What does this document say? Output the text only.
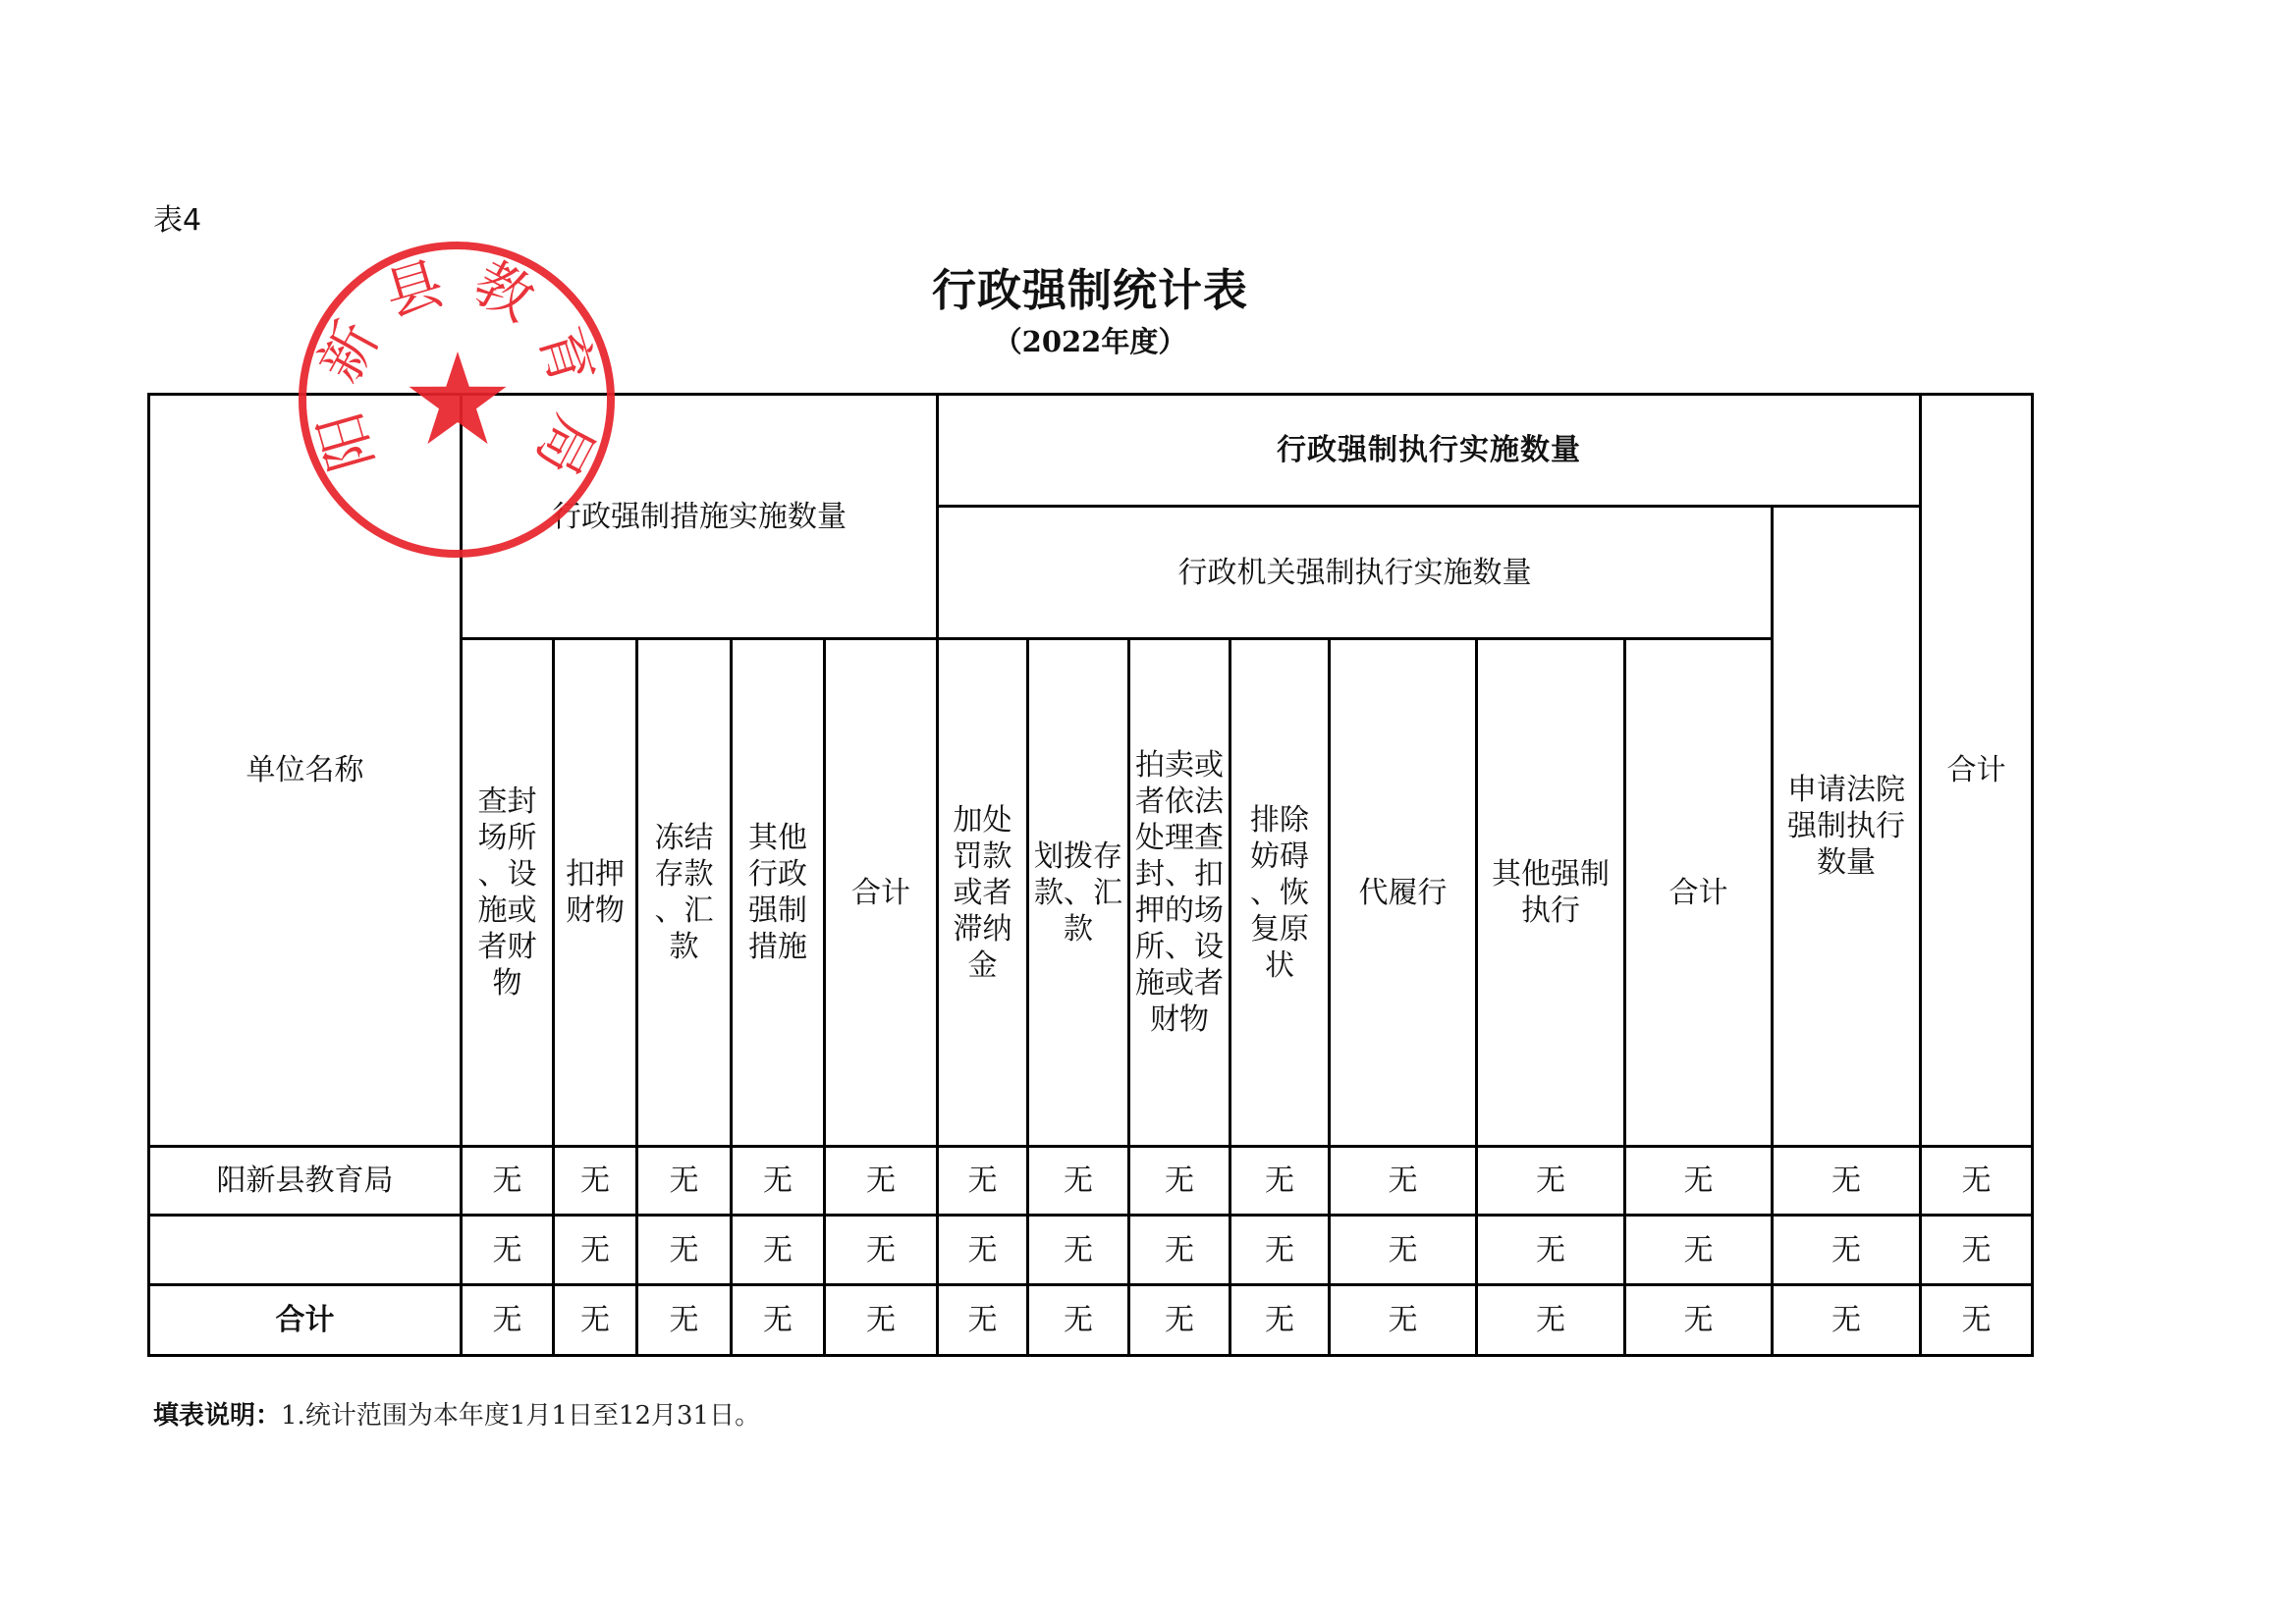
表4
行政强制统计表
（2022年度）
单位名称	行政强制措施实施数量					行政强制执行实施数量								合计
						行政机关强制执行实施数量							申请法院强制执行数量	
	查封场所、设施或者财物	扣押财物	冻结存款、汇款	其他行政强制措施	合计	加处罚款或者滞纳金	划拨存款、汇款	拍卖或者依法处理查封、扣押的场所、设施或者财物	排除妨碍、恢复原状	代履行	其他强制执行	合计		
阳新县教育局	无	无	无	无	无	无	无	无	无	无	无	无	无	无
	无	无	无	无	无	无	无	无	无	无	无	无	无	无
合计	无	无	无	无	无	无	无	无	无	无	无	无	无	无
填表说明：1.统计范围为本年度1月1日至12月31日。
阳新县教育局
